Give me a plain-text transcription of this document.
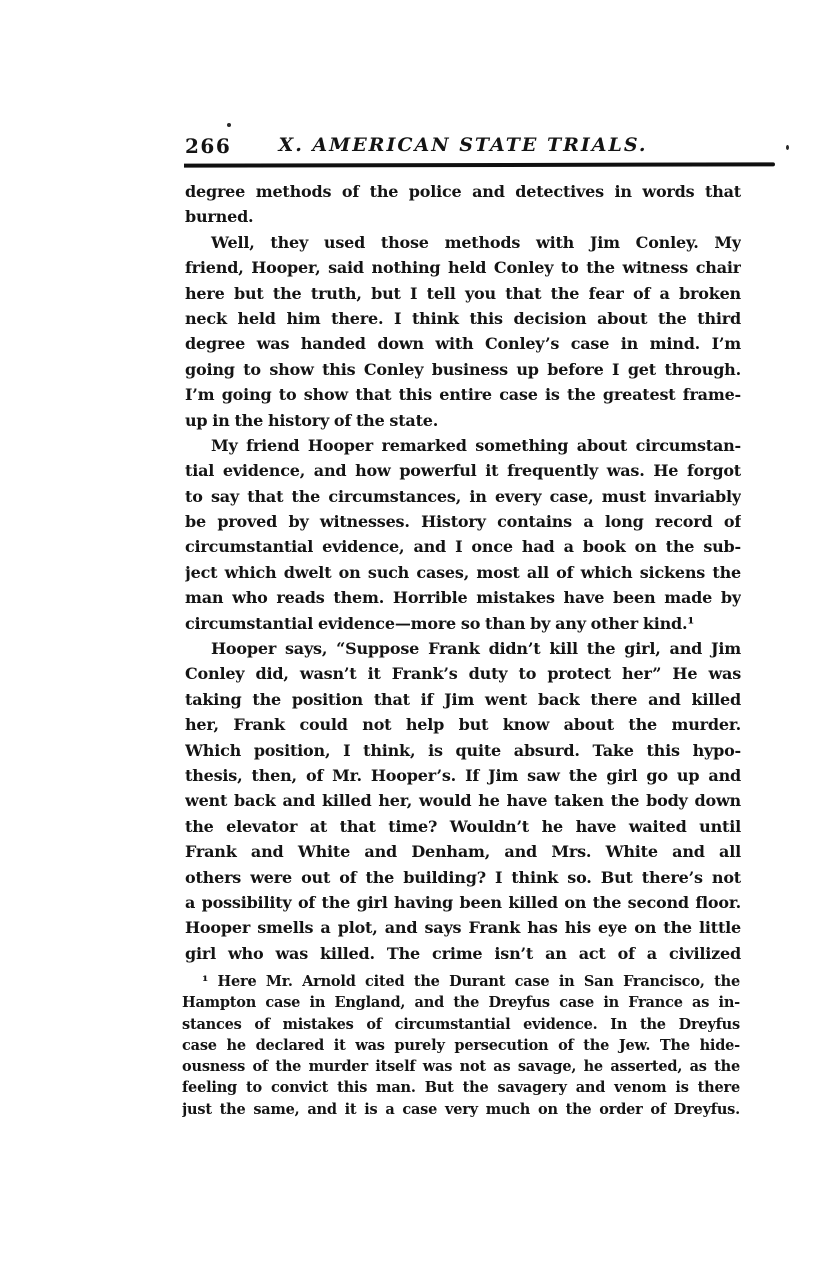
266	X. AMERICAN STATE TRIALS.
degree methods of the police and detectives in words that
burned.
Well, they used those methods with Jim Conley. My
friend, Hooper, said nothing held Conley to the witness chair
here but the truth, but I tell you that the fear of a broken
neck held him there. I think this decision about the third
degree was handed down with Conley’s case in mind. I’m
going to show this Conley business up before I get through.
I’m going to show that this entire case is the greatest frame-
up in the history of the state.
My friend Hooper remarked something about circumstan-
tial evidence, and how powerful it frequently was. He forgot
to say that the circumstances, in every case, must invariably
be proved by witnesses. History contains a long record of
circumstantial evidence, and I once had a book on the sub-
ject which dwelt on such cases, most all of which sickens the
man who reads them. Horrible mistakes have been made by
circumstantial evidence—more so than by any other kind.¹
Hooper says, “Suppose Frank didn’t kill the girl, and Jim
Conley did, wasn’t it Frank’s duty to protect her” He was
taking the position that if Jim went back there and killed
her, Frank could not help but know about the murder.
Which position, I think, is quite absurd. Take this hypo-
thesis, then, of Mr. Hooper’s. If Jim saw the girl go up and
went back and killed her, would he have taken the body down
the elevator at that time? Wouldn’t he have waited until
Frank and White and Denham, and Mrs. White and all
others were out of the building? I think so. But there’s not
a possibility of the girl having been killed on the second floor.
Hooper smells a plot, and says Frank has his eye on the little
girl who was killed. The crime isn’t an act of a civilized
¹ Here Mr. Arnold cited the Durant case in San Francisco, the
Hampton case in England, and the Dreyfus case in France as in-
stances of mistakes of circumstantial evidence. In the Dreyfus
case he declared it was purely persecution of the Jew. The hide-
ousness of the murder itself was not as savage, he asserted, as the
feeling to convict this man. But the savagery and venom is there
just the same, and it is a case very much on the order of Dreyfus.
